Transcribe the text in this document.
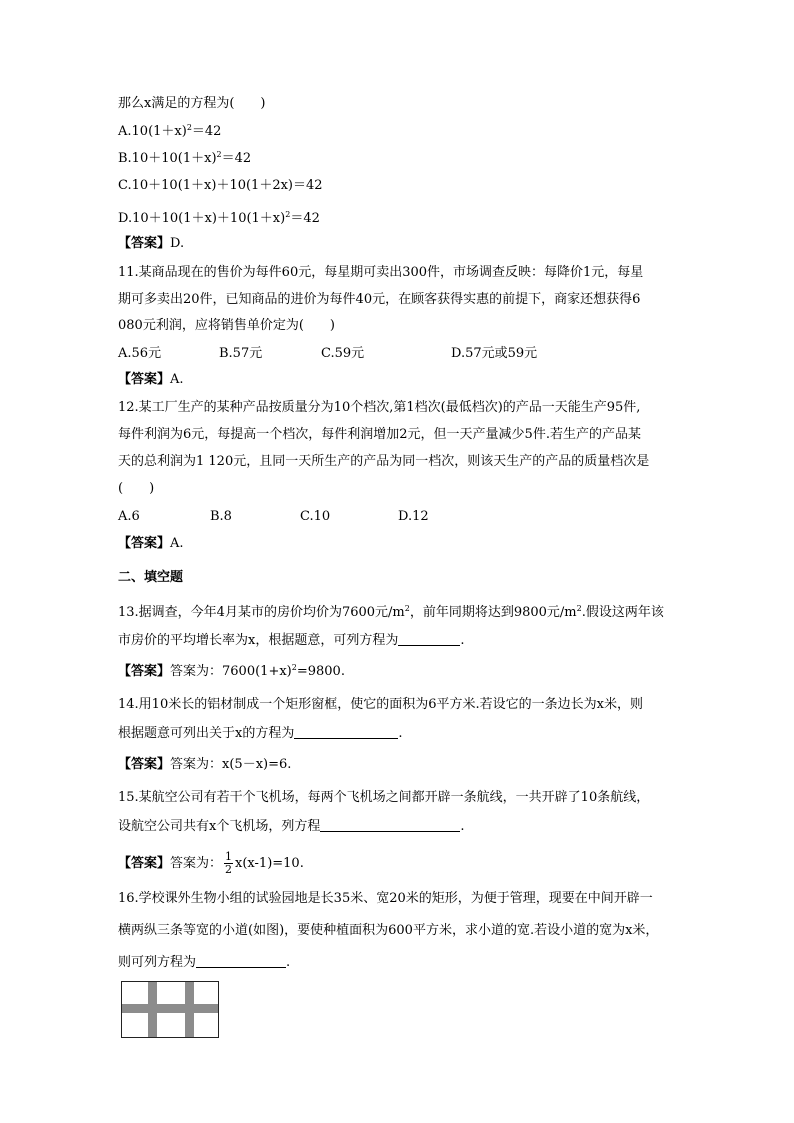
那么x满足的方程为(　　)

$A.10(1+x)^2=42$

$B.10+10(1+x)^2=42$

C.10＋10(1＋x)＋10(1＋2x)＝42

$D.10+10(1+x)+10(1+x)^2=42$

【答案】D.

11.某商品现在的售价为每件60元，每星期可卖出300件，市场调查反映：每降价1元，每星

期可多卖出20件，已知商品的进价为每件40元，在顾客获得实惠的前提下，商家还想获得6

080元利润，应将销售单价定为(　　)

A.56元	B.57元	C.59元	D.57元或59元

【答案】A.

12.某工厂生产的某种产品按质量分为10个档次,第1档次(最低档次)的产品一天能生产95件,

每件利润为6元，每提高一个档次，每件利润增加2元，但一天产量减少5件.若生产的产品某

天的总利润为1 120元，且同一天所生产的产品为同一档次，则该天生产的产品的质量档次是

(　　)

A.6	B.8	C.10	D.12

【答案】A.

二、填空题

13.据调查，今年4月某市的房价均价为7600元$/m^2$，前年同期将达到9800元$/m^2$.假设这两年该

市房价的平均增长率为x，根据题意，可列方程为	.

【答案】答案为：$7600(1+x)^2=9800$.

14.用10米长的铝材制成一个矩形窗框，使它的面积为6平方米.若设它的一条边长为x米，则

根据题意可列出关于x的方程为	.

【答案】答案为：x(5－x)=6.

15.某航空公司有若干个飞机场，每两个飞机场之间都开辟一条航线，一共开辟了10条航线，

设航空公司共有x个飞机场，列方程	.

【答案】答案为： $\frac{1}{2} x(x-1)=10$.

16.学校课外生物小组的试验园地是长35米、宽20米的矩形，为便于管理，现要在中间开辟一

横两纵三条等宽的小道(如图)，要使种植面积为600平方米，求小道的宽.若设小道的宽为x米，

则可列方程为	.
